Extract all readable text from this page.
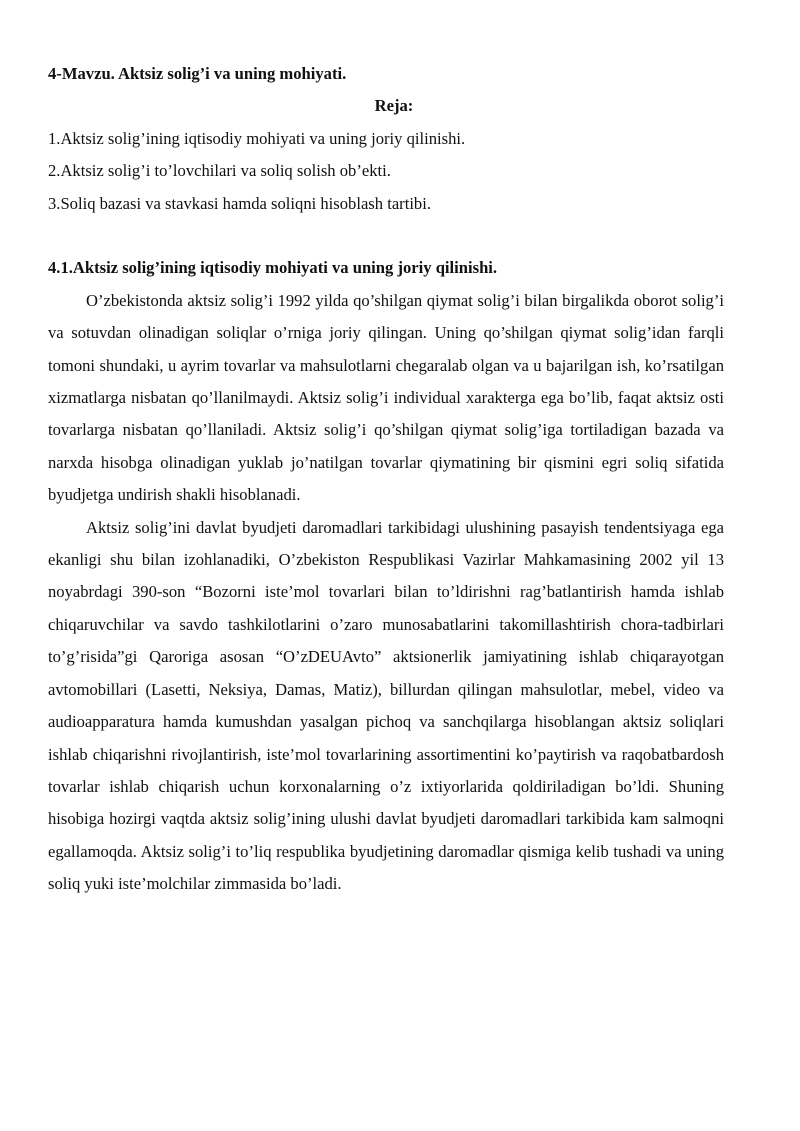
4-Mavzu. Aktsiz solig’i va uning mohiyati.

Reja:

1.Aktsiz solig’ining iqtisodiy mohiyati va uning joriy qilinishi.

2.Aktsiz solig’i to’lovchilari va soliq solish ob’ekti.

3.Soliq bazasi va stavkasi hamda soliqni hisoblash tartibi.

4.1.Aktsiz solig’ining iqtisodiy mohiyati va uning joriy qilinishi.

O’zbekistonda aktsiz solig’i 1992 yilda qo’shilgan qiymat solig’i bilan birgalikda oborot solig’i va sotuvdan olinadigan soliqlar o’rniga joriy qilingan. Uning qo’shilgan qiymat solig’idan farqli tomoni shundaki, u ayrim tovarlar va mahsulotlarni chegaralab olgan va u bajarilgan ish, ko’rsatilgan xizmatlarga nisbatan qo’llanilmaydi. Aktsiz solig’i individual xarakterga ega bo’lib, faqat aktsiz osti tovarlarga nisbatan qo’llaniladi. Aktsiz solig’i qo’shilgan qiymat solig’iga tortiladigan bazada va narxda hisobga olinadigan yuklab jo’natilgan tovarlar qiymatining bir qismini egri soliq sifatida byudjetga undirish shakli hisoblanadi.

Aktsiz solig’ini davlat byudjeti daromadlari tarkibidagi ulushining pasayish tendentsiyaga ega ekanligi shu bilan izohlanadiki, O’zbekiston Respublikasi Vazirlar Mahkamasining 2002 yil 13 noyabrdagi 390-son “Bozorni iste’mol tovarlari bilan to’ldirishni rag’batlantirish hamda ishlab chiqaruvchilar va savdo tashkilotlarini o’zaro munosabatlarini takomillashtirish chora-tadbirlari to’g’risida”gi Qaroriga asosan “O’zDEUAvto” aktsionerlik jamiyatining ishlab chiqarayotgan avtomobillari (Lasetti, Neksiya, Damas, Matiz), billurdan qilingan mahsulotlar, mebel, video va audioapparatura hamda kumushdan yasalgan pichoq va sanchqilarga hisoblangan aktsiz soliqlari ishlab chiqarishni rivojlantirish, iste’mol tovarlarining assortimentini ko’paytirish va raqobatbardosh tovarlar ishlab chiqarish uchun korxonalarning o’z ixtiyorlarida qoldiriladigan bo’ldi. Shuning hisobiga hozirgi vaqtda aktsiz solig’ining ulushi davlat byudjeti daromadlari tarkibida kam salmoqni egallamoqda. Aktsiz solig’i to’liq respublika byudjetining daromadlar qismiga kelib tushadi va uning soliq yuki iste’molchilar zimmasida bo’ladi.
